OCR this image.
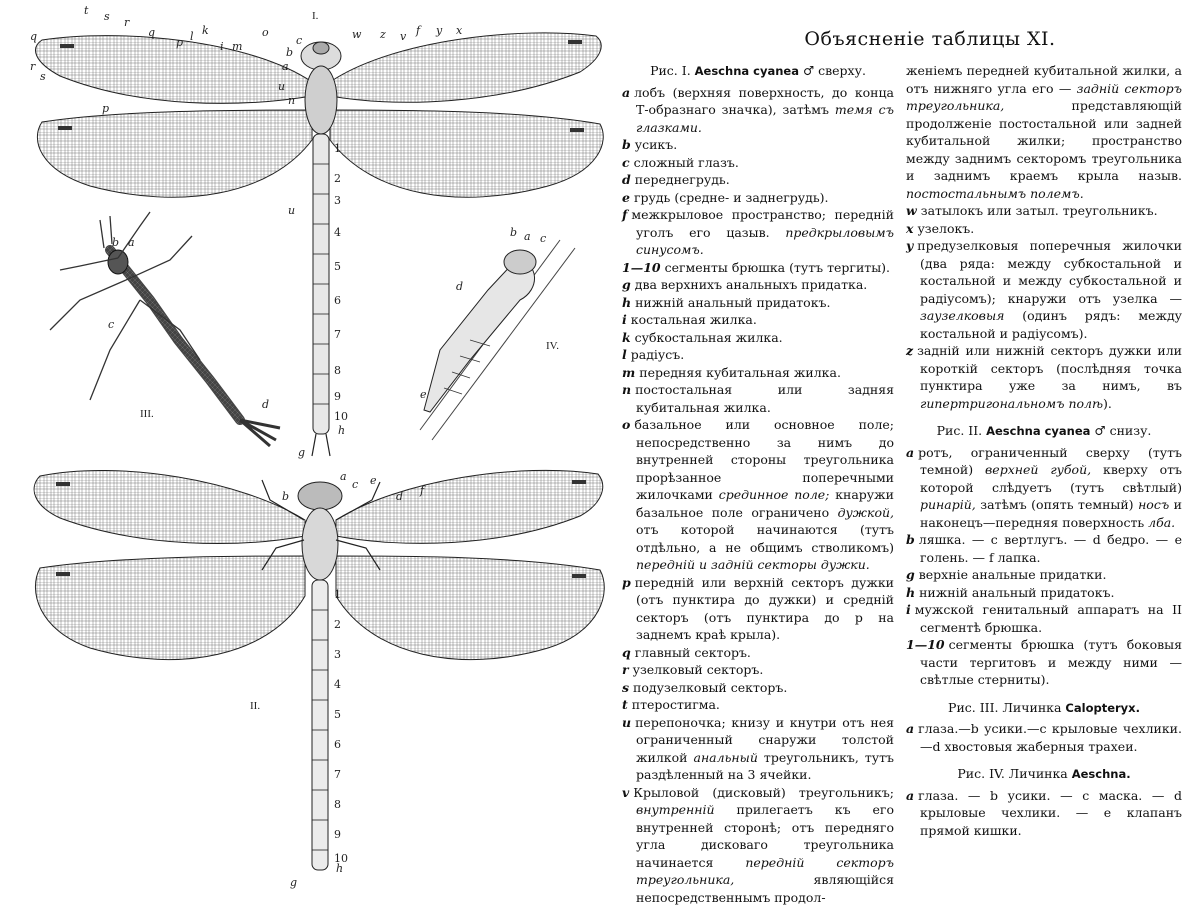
I.
II.
III.
IV.
t s r
q
p l k
i m
o
c
b
a
w z v f y x
q
r
s
u
n
p
u
g
h
1
2
3
4
5
6
7
8
9
10
b
c
a
d
e
f
g
h
1
2
3
4
5
6
7
8
9
10
b a
c
d
b a c
d
e
Объясненіе таблицы XI.

Рис. I. Aeschna cyanea ♂ сверху.

a лобъ (верхняя поверхность, до конца Т-образнаго значка), затѣмъ темя съ глазками.

b усикъ.

c сложный глазъ.

d переднегрудь.

e грудь (средне- и заднегрудь).

f межкрыловое пространство; передній уголъ его цазыв. предкрыловымъ синусомъ.

1—10 сегменты брюшка (тутъ тергиты).

g два верхнихъ анальныхъ придатка.

h нижній анальный придатокъ.

i костальная жилка.

k субкостальная жилка.

l радіусъ.

m передняя кубитальная жилка.

n постостальная или задняя кубитальная жилка.

o базальное или основное поле; непосредственно за нимъ до внутренней стороны треугольника прорѣзанное поперечными жилочками срединное поле; кнаружи базальное поле ограничено дужкой, отъ которой начинаются (тутъ отдѣльно, а не общимъ стволикомъ) передній и задній секторы дужки.

p передній или верхній секторъ дужки (отъ пунктира до дужки) и средній секторъ (отъ пунктира до p на заднемъ краѣ крыла).

q главный секторъ.

r узелковый секторъ.

s подузелковый секторъ.

t птеростигма.

u перепоночка; книзу и кнутри отъ нея ограниченный снаружи толстой жилкой анальный треугольникъ, тутъ раздѣленный на 3 ячейки.

v Крыловой (дисковый) треугольникъ; внутренній прилегаетъ къ его внутренней сторонѣ; отъ передняго угла дисковаго треугольника начинается передній секторъ треугольника, являющійся непосредственнымъ продол-

женіемъ передней кубитальной жилки, а отъ нижняго угла его — задній секторъ треугольника, представляющій продолженіе постостальной или задней кубитальной жилки; пространство между заднимъ секторомъ треугольника и заднимъ краемъ крыла назыв. постостальнымъ полемъ.

w затылокъ или затыл. треугольникъ.

x узелокъ.

y предузелковыя поперечныя жилочки (два ряда: между субкостальной и костальной и между субкостальной и радіусомъ); кнаружи отъ узелка — заузелковыя (одинъ рядъ: между костальной и радіусомъ).

z задній или нижній секторъ дужки или короткій секторъ (послѣдняя точка пунктира уже за нимъ, въ гипертригональномъ полѣ).

Рис. II. Aeschna cyanea ♂ снизу.

a ротъ, ограниченный сверху (тутъ темной) верхней губой, кверху отъ которой слѣдуетъ (тутъ свѣтлый) ринарій, затѣмъ (опять темный) носъ и наконецъ—передняя поверхность лба.

b ляшка. — c вертлугъ. — d бедро. — e голень. — f лапка.

g верхніе анальные придатки.

h нижній анальный придатокъ.

i мужской генитальный аппаратъ на II сегментѣ брюшка.

1—10 сегменты брюшка (тутъ боковыя части тергитовъ и между ними — свѣтлые стерниты).

Рис. III. Личинка Calopteryx.

a глаза.—b усики.—c крыловые чехлики.—d хвостовыя жаберныя трахеи.

Рис. IV. Личинка Aeschna.

a глаза. — b усики. — c маска. — d крыловые чехлики. — e клапанъ прямой кишки.
